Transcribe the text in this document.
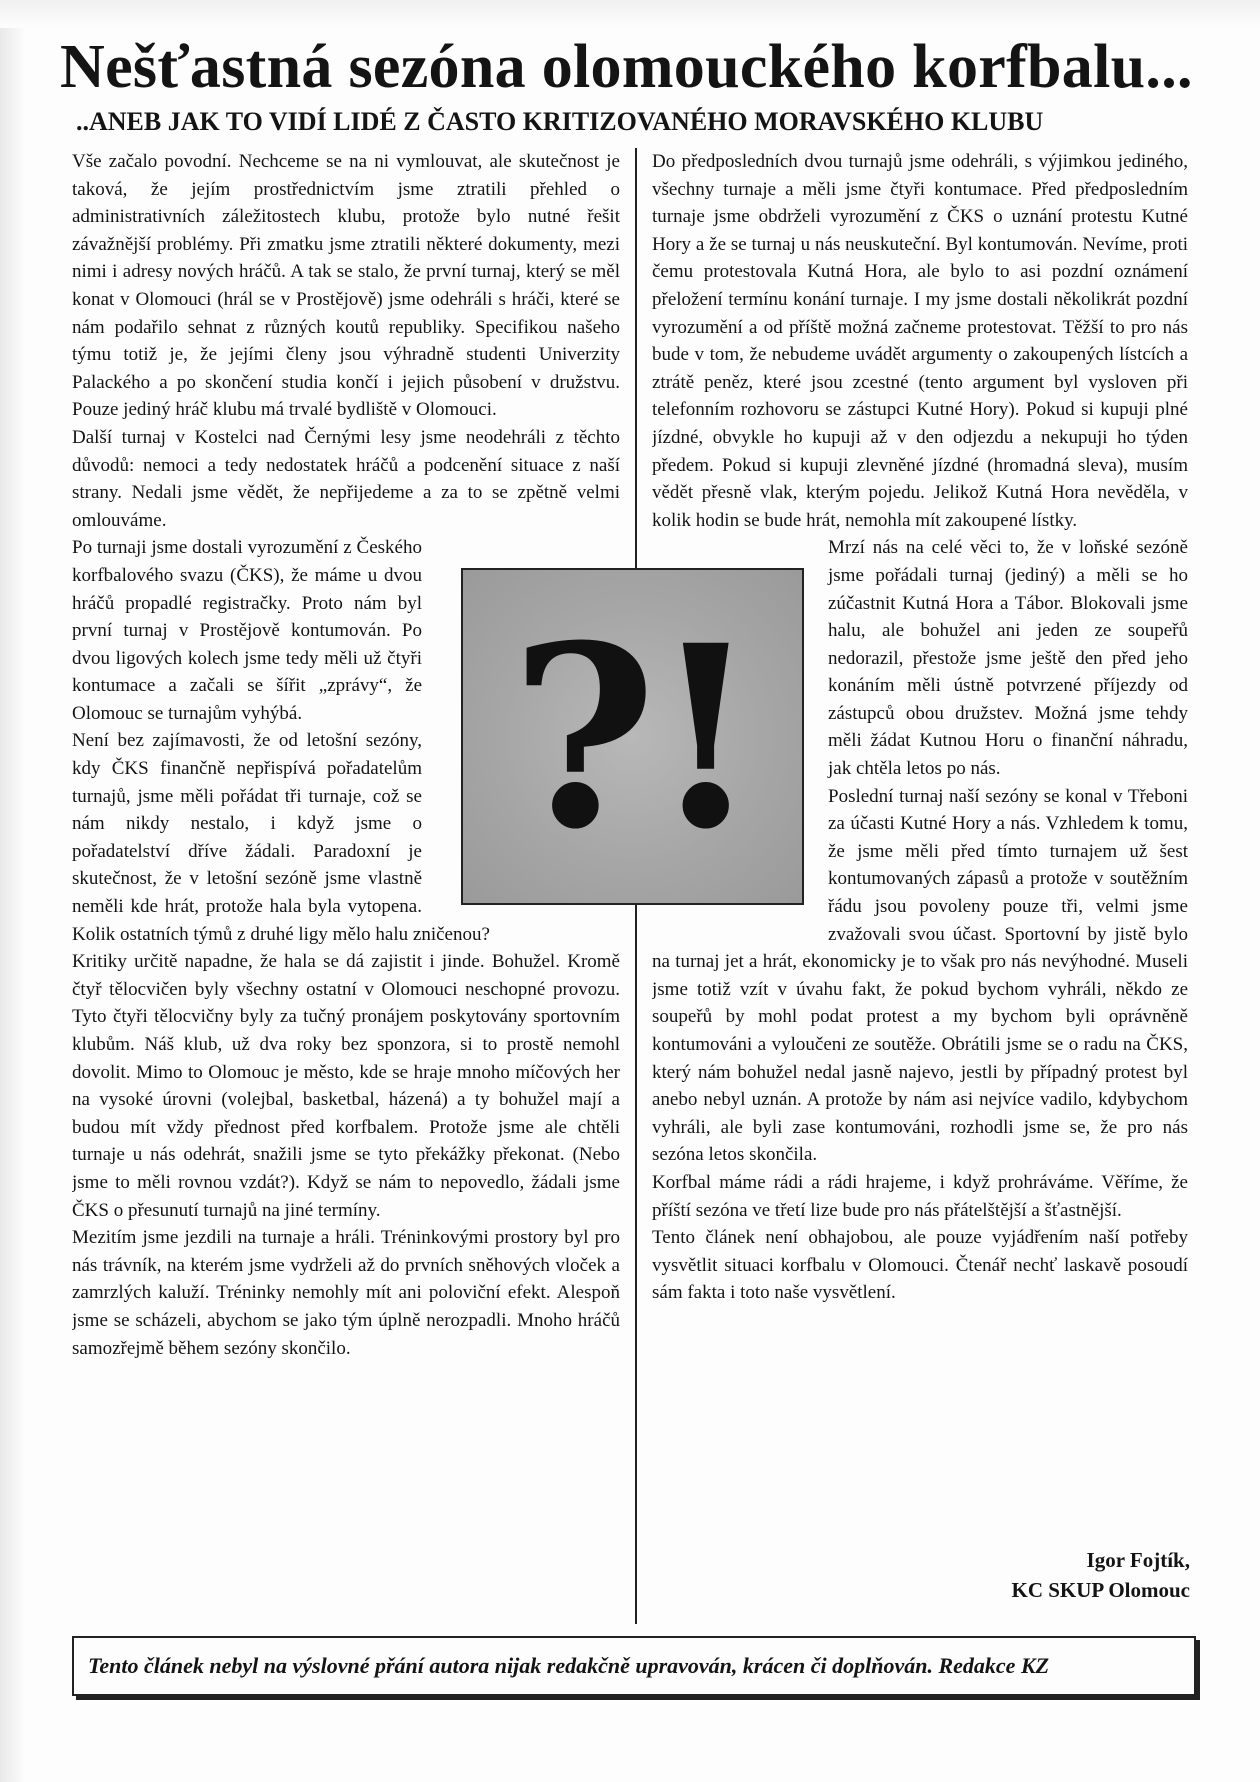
Nešťastná sezóna olomouckého korfbalu...
..ANEB JAK TO VIDÍ LIDÉ Z ČASTO KRITIZOVANÉHO MORAVSKÉHO KLUBU

Vše začalo povodní. Nechceme se na ni vymlouvat, ale skutečnost je taková, že jejím prostřednictvím jsme ztratili přehled o administrativních záležitostech klubu, protože bylo nutné řešit závažnější problémy. Při zmatku jsme ztratili některé dokumenty, mezi nimi i adresy nových hráčů. A tak se stalo, že první turnaj, který se měl konat v Olomouci (hrál se v Prostějově) jsme odehráli s hráči, které se nám podařilo sehnat z různých koutů republiky. Specifikou našeho týmu totiž je, že jejími členy jsou výhradně studenti Univerzity Palackého a po skončení studia končí i jejich působení v družstvu. Pouze jediný hráč klubu má trvalé bydliště v Olomouci.

Další turnaj v Kostelci nad Černými lesy jsme neodehráli z těchto důvodů: nemoci a tedy nedostatek hráčů a podcenění situace z naší strany. Nedali jsme vědět, že nepřijedeme a za to se zpětně velmi omlouváme.

Po turnaji jsme dostali vyrozumění z Českého korfbalového svazu (ČKS), že máme u dvou hráčů propadlé registračky. Proto nám byl první turnaj v Prostějově kontumován. Po dvou ligových kolech jsme tedy měli už čtyři kontumace a začali se šířit „zprávy“, že Olomouc se turnajům vyhýbá.

Není bez zajímavosti, že od letošní sezóny, kdy ČKS finančně nepřispívá pořadatelům turnajů, jsme měli pořádat tři turnaje, což se nám nikdy nestalo, i když jsme o pořadatelství dříve žádali. Paradoxní je skutečnost, že v letošní sezóně jsme vlastně neměli kde hrát, protože hala byla vytopena. Kolik ostatních týmů z druhé ligy mělo halu zničenou?

Kritiky určitě napadne, že hala se dá zajistit i jinde. Bohužel. Kromě čtyř tělocvičen byly všechny ostatní v Olomouci neschopné provozu. Tyto čtyři tělocvičny byly za tučný pronájem poskytovány sportovním klubům. Náš klub, už dva roky bez sponzora, si to prostě nemohl dovolit. Mimo to Olomouc je město, kde se hraje mnoho míčových her na vysoké úrovni (volejbal, basketbal, házená) a ty bohužel mají a budou mít vždy přednost před korfbalem. Protože jsme ale chtěli turnaje u nás odehrát, snažili jsme se tyto překážky překonat. (Nebo jsme to měli rovnou vzdát?). Když se nám to nepovedlo, žádali jsme ČKS o přesunutí turnajů na jiné termíny.

Mezitím jsme jezdili na turnaje a hráli. Tréninkovými prostory byl pro nás trávník, na kterém jsme vydrželi až do prvních sněhových vloček a zamrzlých kaluží. Tréninky nemohly mít ani poloviční efekt. Alespoň jsme se scházeli, abychom se jako tým úplně nerozpadli. Mnoho hráčů samozřejmě během sezóny skončilo.

Do předposledních dvou turnajů jsme odehráli, s výjimkou jediného, všechny turnaje a měli jsme čtyři kontumace. Před předposledním turnaje jsme obdrželi vyrozumění z ČKS o uznání protestu Kutné Hory a že se turnaj u nás neuskuteční. Byl kontumován. Nevíme, proti čemu protestovala Kutná Hora, ale bylo to asi pozdní oznámení přeložení termínu konání turnaje. I my jsme dostali několikrát pozdní vyrozumění a od příště možná začneme protestovat. Těžší to pro nás bude v tom, že nebudeme uvádět argumenty o zakoupených lístcích a ztrátě peněz, které jsou zcestné (tento argument byl vysloven při telefonním rozhovoru se zástupci Kutné Hory). Pokud si kupuji plné jízdné, obvykle ho kupuji až v den odjezdu a nekupuji ho týden předem. Pokud si kupuji zlevněné jízdné (hromadná sleva), musím vědět přesně vlak, kterým pojedu. Jelikož Kutná Hora nevěděla, v kolik hodin se bude hrát, nemohla mít zakoupené lístky.

Mrzí nás na celé věci to, že v loňské sezóně jsme pořádali turnaj (jediný) a měli se ho zúčastnit Kutná Hora a Tábor. Blokovali jsme halu, ale bohužel ani jeden ze soupeřů nedorazil, přestože jsme ještě den před jeho konáním měli ústně potvrzené příjezdy od zástupců obou družstev. Možná jsme tehdy měli žádat Kutnou Horu o finanční náhradu, jak chtěla letos po nás.

Poslední turnaj naší sezóny se konal v Třeboni za účasti Kutné Hory a nás. Vzhledem k tomu, že jsme měli před tímto turnajem už šest kontumovaných zápasů a protože v soutěžním řádu jsou povoleny pouze tři, velmi jsme zvažovali svou účast. Sportovní by jistě bylo na turnaj jet a hrát, ekonomicky je to však pro nás nevýhodné. Museli jsme totiž vzít v úvahu fakt, že pokud bychom vyhráli, někdo ze soupeřů by mohl podat protest a my bychom byli oprávněně kontumováni a vyloučeni ze soutěže. Obrátili jsme se o radu na ČKS, který nám bohužel nedal jasně najevo, jestli by případný protest byl anebo nebyl uznán. A protože by nám asi nejvíce vadilo, kdybychom vyhráli, ale byli zase kontumováni, rozhodli jsme se, že pro nás sezóna letos skončila.

Korfbal máme rádi a rádi hrajeme, i když prohráváme. Věříme, že příští sezóna ve třetí lize bude pro nás přátelštější a šťastnější.

Tento článek není obhajobou, ale pouze vyjádřením naší potřeby vysvětlit situaci korfbalu v Olomouci. Čtenář nechť laskavě posoudí sám fakta i toto naše vysvětlení.

?!
Igor Fojtík,
KC SKUP Olomouc
Tento článek nebyl na výslovné přání autora nijak redakčně upravován, krácen či doplňován. Redakce KZ
